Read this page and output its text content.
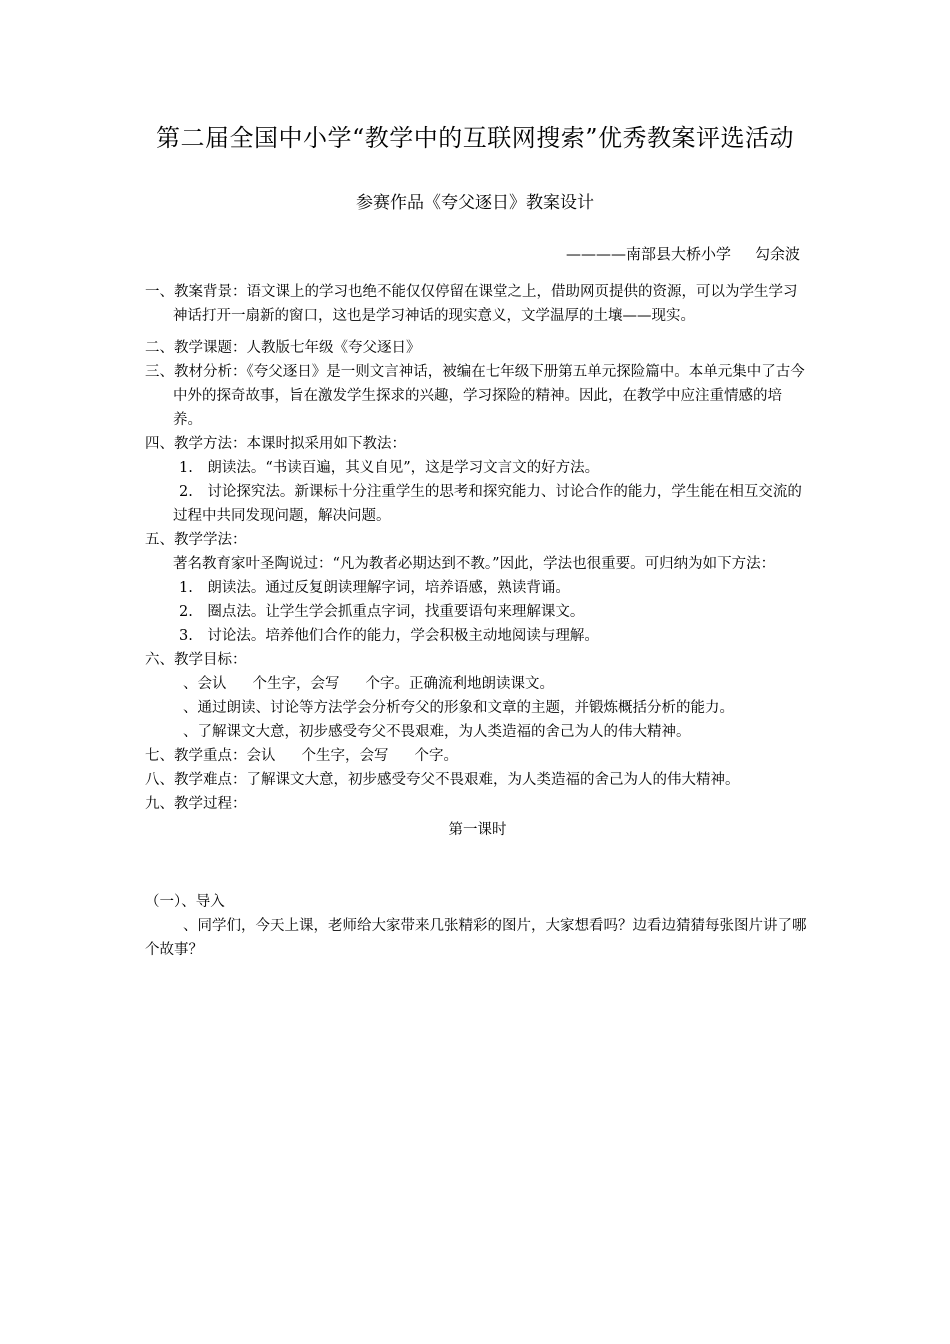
第二届全国中小学“教学中的互联网搜索”优秀教案评选活动
参赛作品《夸父逐日》教案设计
————南部县大桥小学 勾余波

一、教案背景：语文课上的学习也绝不能仅仅停留在课堂之上，借助网页提供的资源，可以为学生学习神话打开一扇新的窗口，这也是学习神话的现实意义，文学温厚的土壤——现实。

二、教学课题：人教版七年级《夸父逐日》

三、教材分析：《夸父逐日》是一则文言神话，被编在七年级下册第五单元探险篇中。本单元集中了古今中外的探奇故事，旨在激发学生探求的兴趣，学习探险的精神。因此，在教学中应注重情感的培养。

四、教学方法：本课时拟采用如下教法：

1.　朗读法。“书读百遍，其义自见”，这是学习文言文的好方法。

2.　讨论探究法。新课标十分注重学生的思考和探究能力、讨论合作的能力，学生能在相互交流的过程中共同发现问题，解决问题。

五、教学学法：

著名教育家叶圣陶说过：“凡为教者必期达到不教。”因此，学法也很重要。可归纳为如下方法：

1.　朗读法。通过反复朗读理解字词，培养语感，熟读背诵。

2.　圈点法。让学生学会抓重点字词，找重要语句来理解课文。

3.　讨论法。培养他们合作的能力，学会积极主动地阅读与理解。

六、教学目标：

、会认 个生字，会写 个字。正确流利地朗读课文。

、通过朗读、讨论等方法学会分析夸父的形象和文章的主题，并锻炼概括分析的能力。

、了解课文大意，初步感受夸父不畏艰难，为人类造福的舍己为人的伟大精神。

七、教学重点：会认 个生字，会写 个字。

八、教学难点：了解课文大意，初步感受夸父不畏艰难，为人类造福的舍己为人的伟大精神。

九、教学过程：

第一课时

（一）、导入

、同学们，今天上课，老师给大家带来几张精彩的图片，大家想看吗？边看边猜猜每张图片讲了哪个故事？
